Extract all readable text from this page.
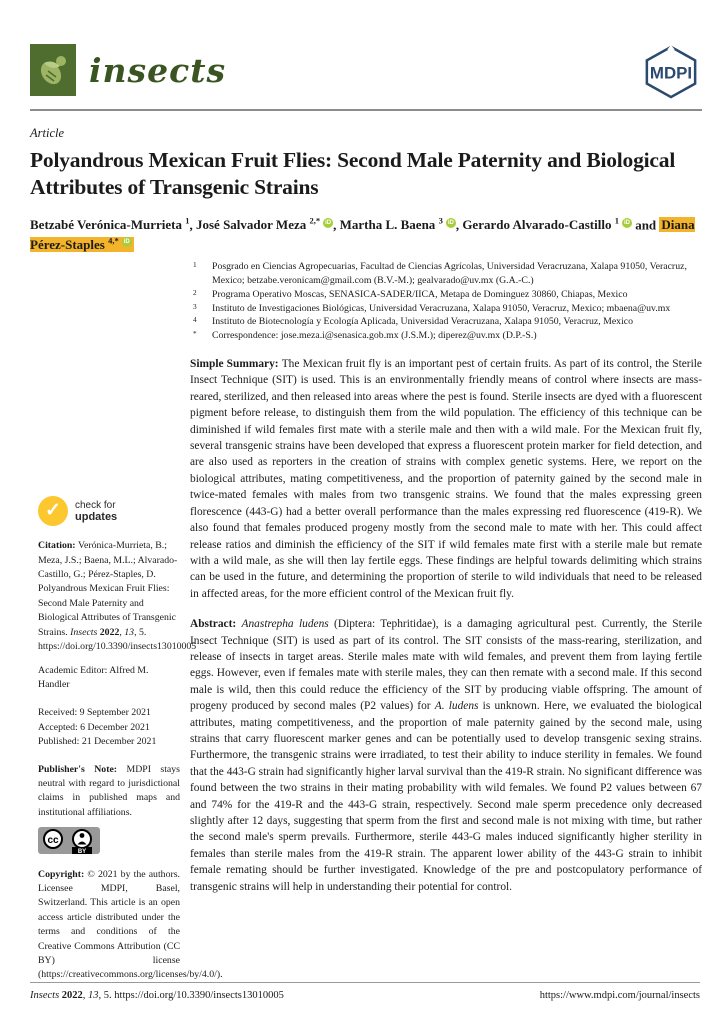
insects	MDPI
Article
Polyandrous Mexican Fruit Flies: Second Male Paternity and Biological Attributes of Transgenic Strains
Betzabé Verónica-Murrieta $^1$, José Salvador Meza $^{2,*}$ iD , Martha L. Baena $^3$ iD , Gerardo Alvarado-Castillo $^1$ iD and Diana Pérez-Staples $^{4,*}$ iD
✓	check for
updates
Citation: Verónica-Murrieta, B.; Meza, J.S.; Baena, M.L.; Alvarado-Castillo, G.; Pérez-Staples, D. Polyandrous Mexican Fruit Flies: Second Male Paternity and Biological Attributes of Transgenic Strains. Insects 2022, 13, 5. https://doi.org/10.3390/insects13010005
Academic Editor: Alfred M. Handler
Received: 9 September 2021
Accepted: 6 December 2021
Published: 21 December 2021
Publisher's Note: MDPI stays neutral with regard to jurisdictional claims in published maps and institutional affiliations.
cc
BY
Copyright: © 2021 by the authors. Licensee MDPI, Basel, Switzerland. This article is an open access article distributed under the terms and conditions of the Creative Commons Attribution (CC BY) license (https://creativecommons.org/licenses/by/4.0/).
1	Posgrado en Ciencias Agropecuarias, Facultad de Ciencias Agrícolas, Universidad Veracruzana, Xalapa 91050, Veracruz, Mexico; betzabe.veronicam@gmail.com (B.V.-M.); gealvarado@uv.mx (G.A.-C.)
2	Programa Operativo Moscas, SENASICA-SADER/IICA, Metapa de Dominguez 30860, Chiapas, Mexico
3	Instituto de Investigaciones Biológicas, Universidad Veracruzana, Xalapa 91050, Veracruz, Mexico; mbaena@uv.mx
4	Instituto de Biotecnología y Ecología Aplicada, Universidad Veracruzana, Xalapa 91050, Veracruz, Mexico
*	Correspondence: jose.meza.i@senasica.gob.mx (J.S.M.); diperez@uv.mx (D.P.-S.)

Simple Summary: The Mexican fruit fly is an important pest of certain fruits. As part of its control, the Sterile Insect Technique (SIT) is used. This is an environmentally friendly means of control where insects are mass-reared, sterilized, and then released into areas where the pest is found. Sterile insects are dyed with a fluorescent pigment before release, to distinguish them from the wild population. The efficiency of this technique can be diminished if wild females first mate with a sterile male and then with a wild male. For the Mexican fruit fly, several transgenic strains have been developed that express a fluorescent protein marker for field detection, and are also used as reporters in the creation of strains with complex genetic systems. Here, we report on the biological attributes, mating competitiveness, and the proportion of paternity gained by the second male in twice-mated females with males from two transgenic strains. We found that the males expressing green florescence (443-G) had a better overall performance than the males expressing red fluorescence (419-R). We also found that females produced progeny mostly from the second male to mate with her. This could affect release ratios and diminish the efficiency of the SIT if wild females mate first with a sterile male but remate with a wild male, as she will then lay fertile eggs. These findings are helpful towards delimiting which strains can be used in the future, and determining the proportion of sterile to wild individuals that need to be released in affected areas, for the more efficient control of the Mexican fruit fly.

Abstract: Anastrepha ludens (Diptera: Tephritidae), is a damaging agricultural pest. Currently, the Sterile Insect Technique (SIT) is used as part of its control. The SIT consists of the mass-rearing, sterilization, and release of insects in target areas. Sterile males mate with wild females, and prevent them from laying fertile eggs. However, even if females mate with sterile males, they can then remate with a second male. If this second male is wild, then this could reduce the efficiency of the SIT by producing viable offspring. The amount of progeny produced by second males (P2 values) for A. ludens is unknown. Here, we evaluated the biological attributes, mating competitiveness, and the proportion of male paternity gained by the second male, using strains that carry fluorescent marker genes and can be potentially used to develop transgenic sexing strains. Furthermore, the transgenic strains were irradiated, to test their ability to induce sterility in females. We found that the 443-G strain had significantly higher larval survival than the 419-R strain. No significant difference was found between the two strains in their mating probability with wild females. We found P2 values between 67 and 74% for the 419-R and the 443-G strain, respectively. Second male sperm precedence only decreased slightly after 12 days, suggesting that sperm from the first and second male is not mixing with time, but rather the second male's sperm prevails. Furthermore, sterile 443-G males induced significantly higher sterility in females than sterile males from the 419-R strain. The apparent lower ability of the 443-G strain to inhibit female remating should be further investigated. Knowledge of the pre and postcopulatory performance of transgenic strains will help in understanding their potential for control.

Insects 2022, 13, 5. https://doi.org/10.3390/insects13010005	https://www.mdpi.com/journal/insects
